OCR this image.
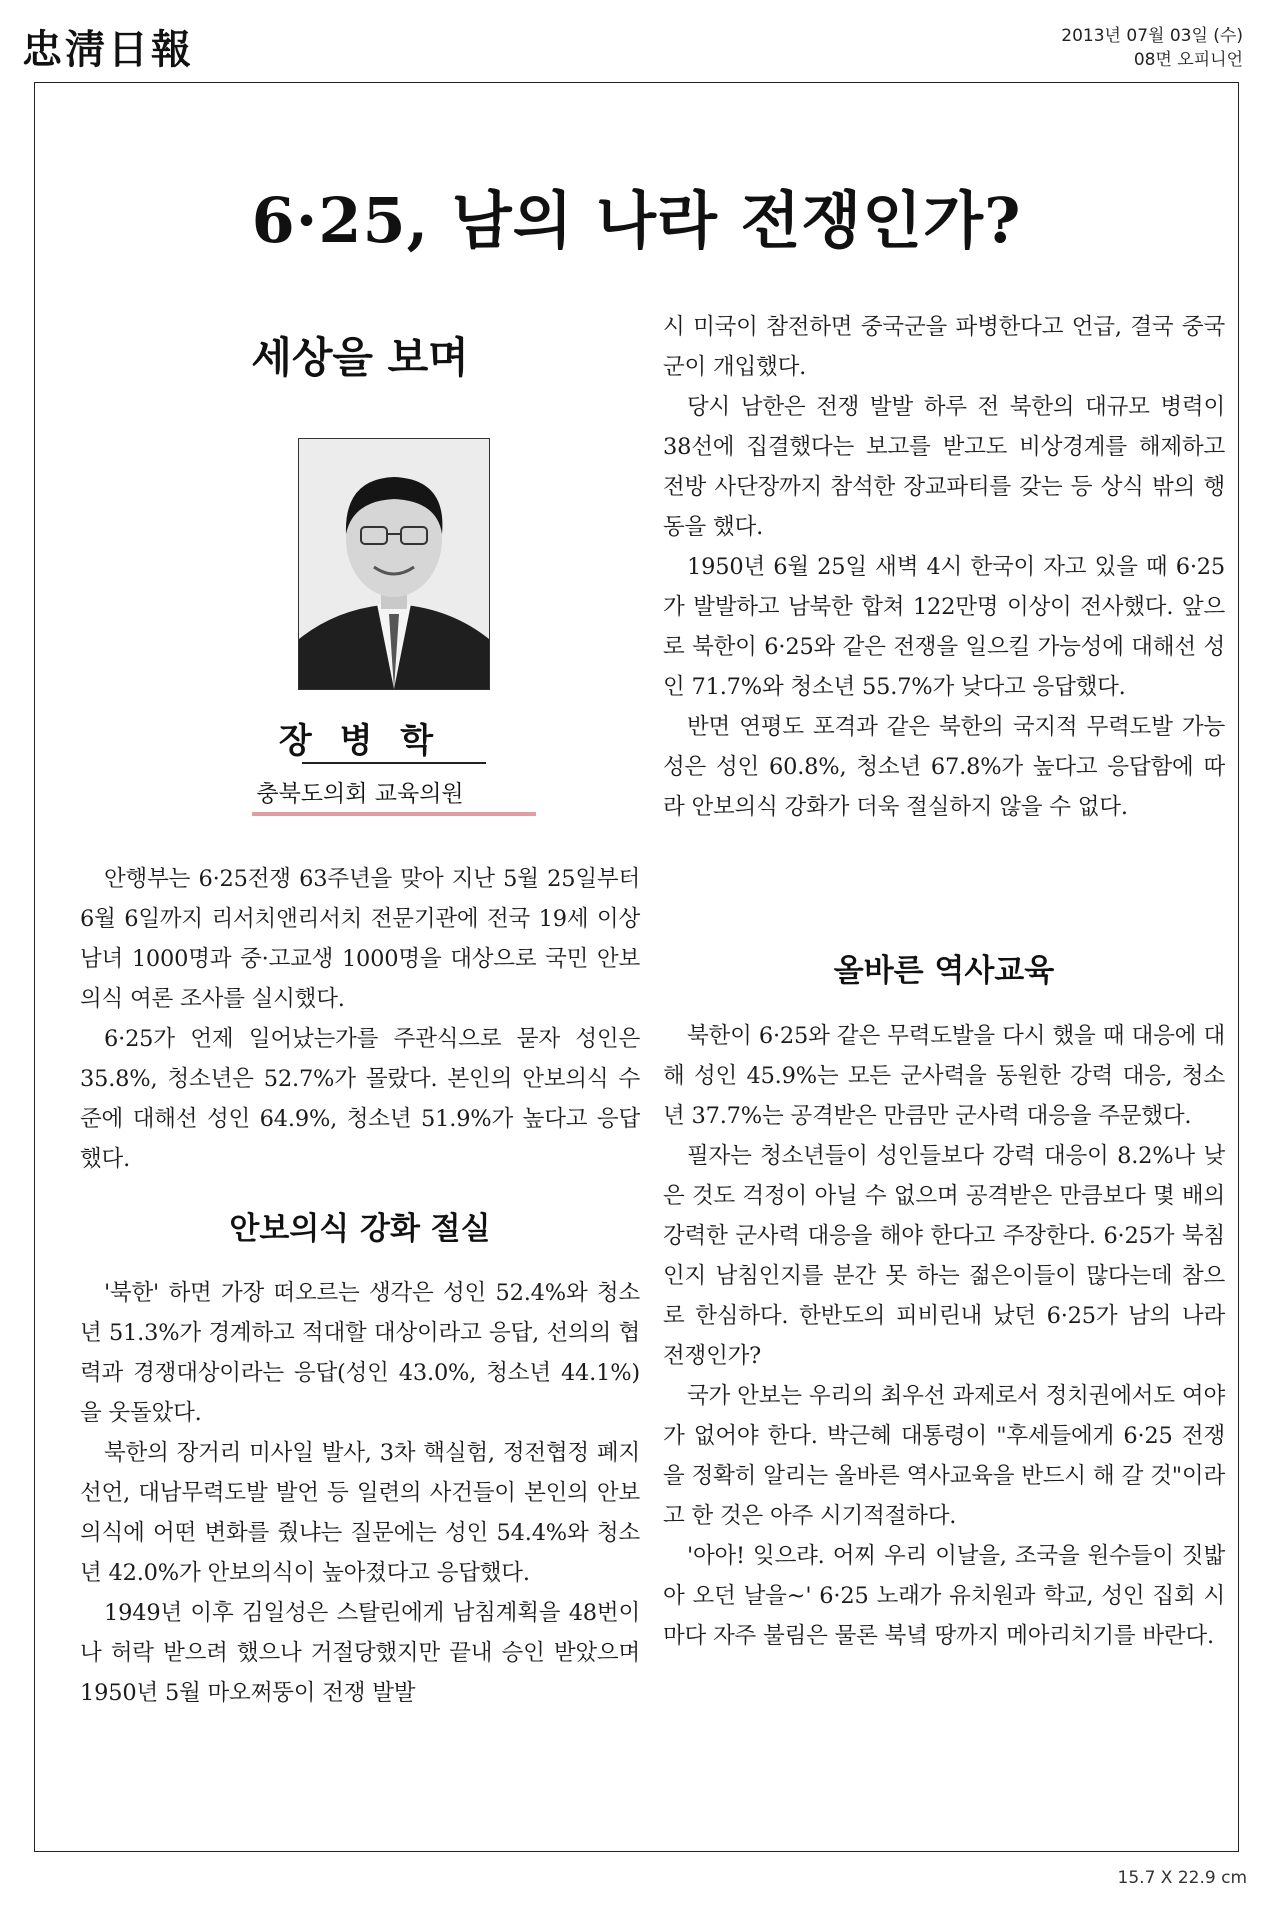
忠淸日報	2013년 07월 03일 (수)
08면 오피니언
6·25, 남의 나라 전쟁인가?
세상을 보며
장 병 학
충북도의회 교육의원

안행부는 6·25전쟁 63주년을 맞아 지난 5월 25일부터 6월 6일까지 리서치앤리서치 전문기관에 전국 19세 이상 남녀 1000명과 중·고교생 1000명을 대상으로 국민 안보의식 여론 조사를 실시했다.

6·25가 언제 일어났는가를 주관식으로 묻자 성인은 35.8%, 청소년은 52.7%가 몰랐다. 본인의 안보의식 수준에 대해선 성인 64.9%, 청소년 51.9%가 높다고 응답했다.

안보의식 강화 절실

'북한' 하면 가장 떠오르는 생각은 성인 52.4%와 청소년 51.3%가 경계하고 적대할 대상이라고 응답, 선의의 협력과 경쟁대상이라는 응답(성인 43.0%, 청소년 44.1%)을 웃돌았다.

북한의 장거리 미사일 발사, 3차 핵실험, 정전협정 폐지선언, 대남무력도발 발언 등 일련의 사건들이 본인의 안보의식에 어떤 변화를 줬냐는 질문에는 성인 54.4%와 청소년 42.0%가 안보의식이 높아졌다고 응답했다.

1949년 이후 김일성은 스탈린에게 남침계획을 48번이나 허락 받으려 했으나 거절당했지만 끝내 승인 받았으며 1950년 5월 마오쩌뚱이 전쟁 발발

시 미국이 참전하면 중국군을 파병한다고 언급, 결국 중국군이 개입했다.

당시 남한은 전쟁 발발 하루 전 북한의 대규모 병력이 38선에 집결했다는 보고를 받고도 비상경계를 해제하고 전방 사단장까지 참석한 장교파티를 갖는 등 상식 밖의 행동을 했다.

1950년 6월 25일 새벽 4시 한국이 자고 있을 때 6·25가 발발하고 남북한 합쳐 122만명 이상이 전사했다. 앞으로 북한이 6·25와 같은 전쟁을 일으킬 가능성에 대해선 성인 71.7%와 청소년 55.7%가 낮다고 응답했다.

반면 연평도 포격과 같은 북한의 국지적 무력도발 가능성은 성인 60.8%, 청소년 67.8%가 높다고 응답함에 따라 안보의식 강화가 더욱 절실하지 않을 수 없다.

올바른 역사교육

북한이 6·25와 같은 무력도발을 다시 했을 때 대응에 대해 성인 45.9%는 모든 군사력을 동원한 강력 대응, 청소년 37.7%는 공격받은 만큼만 군사력 대응을 주문했다.

필자는 청소년들이 성인들보다 강력 대응이 8.2%나 낮은 것도 걱정이 아닐 수 없으며 공격받은 만큼보다 몇 배의 강력한 군사력 대응을 해야 한다고 주장한다. 6·25가 북침인지 남침인지를 분간 못 하는 젊은이들이 많다는데 참으로 한심하다. 한반도의 피비린내 났던 6·25가 남의 나라 전쟁인가?

국가 안보는 우리의 최우선 과제로서 정치권에서도 여야가 없어야 한다. 박근혜 대통령이 "후세들에게 6·25 전쟁을 정확히 알리는 올바른 역사교육을 반드시 해 갈 것"이라고 한 것은 아주 시기적절하다.

'아아! 잊으랴. 어찌 우리 이날을, 조국을 원수들이 짓밟아 오던 날을~' 6·25 노래가 유치원과 학교, 성인 집회 시마다 자주 불림은 물론 북녘 땅까지 메아리치기를 바란다.

15.7 X 22.9 cm
